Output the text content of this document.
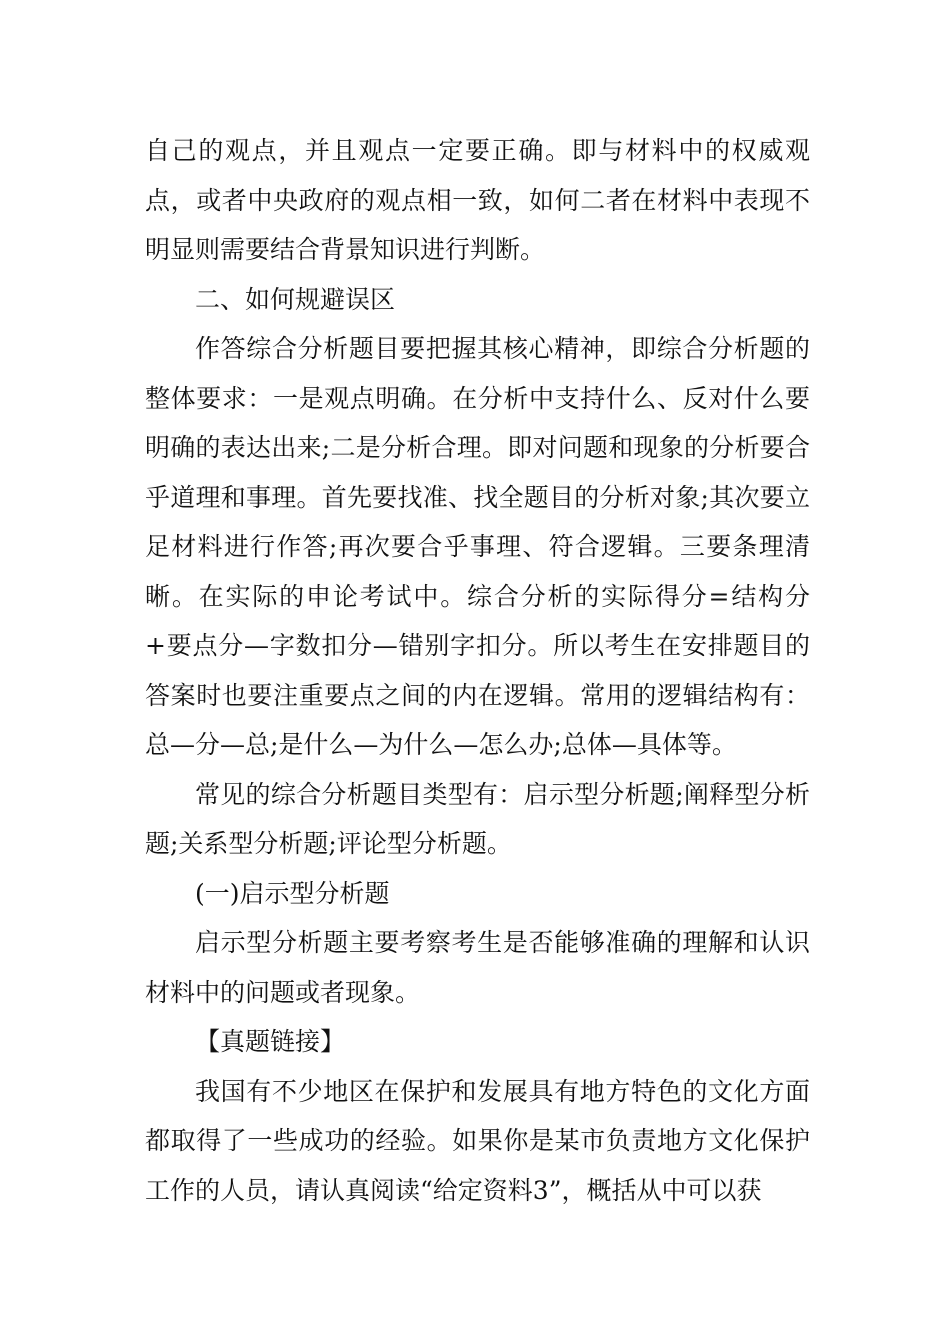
自己的观点，并且观点一定要正确。即与材料中的权威观点，或者中央政府的观点相一致，如何二者在材料中表现不明显则需要结合背景知识进行判断。

二、如何规避误区

作答综合分析题目要把握其核心精神，即综合分析题的整体要求：一是观点明确。在分析中支持什么、反对什么要明确的表达出来;二是分析合理。即对问题和现象的分析要合乎道理和事理。首先要找准、找全题目的分析对象;其次要立足材料进行作答;再次要合乎事理、符合逻辑。三要条理清晰。在实际的申论考试中。综合分析的实际得分=结构分+要点分—字数扣分—错别字扣分。所以考生在安排题目的答案时也要注重要点之间的内在逻辑。常用的逻辑结构有：总—分—总;是什么—为什么—怎么办;总体—具体等。

常见的综合分析题目类型有：启示型分析题;阐释型分析题;关系型分析题;评论型分析题。

(一)启示型分析题

启示型分析题主要考察考生是否能够准确的理解和认识材料中的问题或者现象。

【真题链接】

我国有不少地区在保护和发展具有地方特色的文化方面都取得了一些成功的经验。如果你是某市负责地方文化保护工作的人员，请认真阅读“给定资料3”，概括从中可以获
